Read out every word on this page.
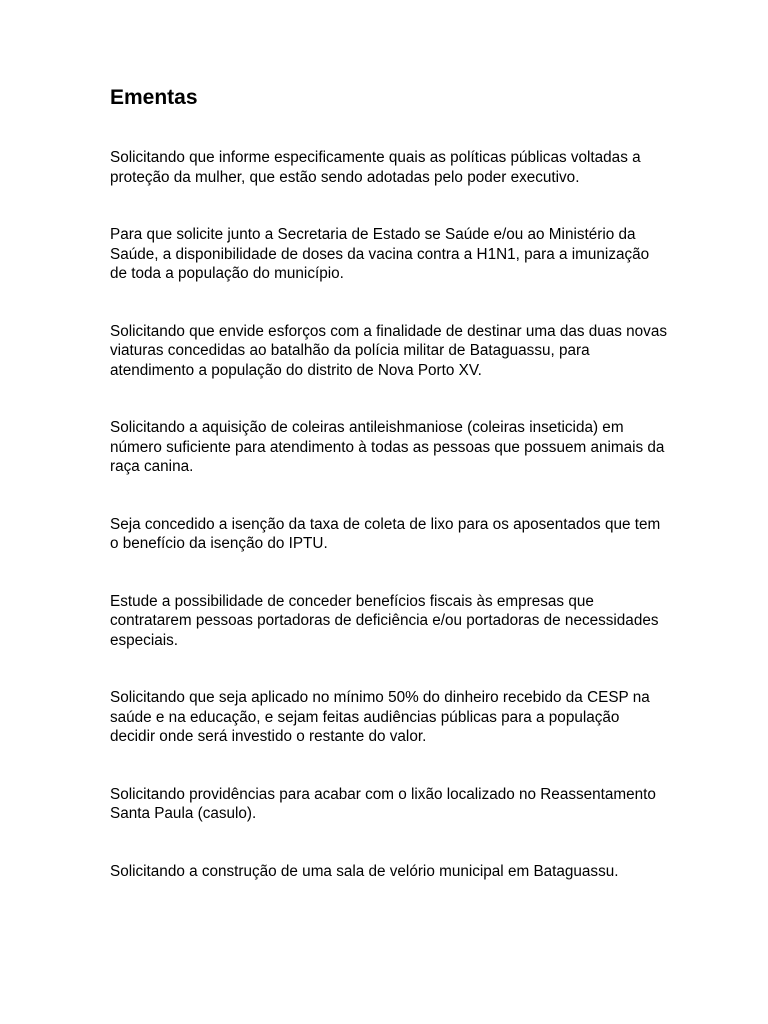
Ementas
Solicitando que informe especificamente quais as políticas públicas voltadas a proteção da mulher, que estão sendo adotadas pelo poder executivo.
Para que solicite junto a Secretaria de Estado se Saúde e/ou ao Ministério da Saúde, a disponibilidade de doses da vacina contra a H1N1, para a imunização de toda a população do município.
Solicitando que envide esforços com a finalidade de destinar uma das duas novas viaturas concedidas ao batalhão da polícia militar de Bataguassu, para atendimento a população do distrito de Nova Porto XV.
Solicitando a aquisição de coleiras antileishmaniose (coleiras inseticida) em número suficiente para atendimento à todas as pessoas que possuem animais da raça canina.
Seja concedido a isenção da taxa de coleta de lixo para os aposentados que tem o benefício da isenção do IPTU.
Estude a possibilidade de conceder benefícios fiscais às empresas que contratarem pessoas portadoras de deficiência e/ou portadoras de necessidades especiais.
Solicitando que seja aplicado no mínimo 50% do dinheiro recebido da CESP na saúde e na educação, e sejam feitas audiências públicas para a população decidir onde será investido o restante do valor.
Solicitando providências para acabar com o lixão localizado no Reassentamento Santa Paula (casulo).
Solicitando a construção de uma sala de velório municipal em Bataguassu.
